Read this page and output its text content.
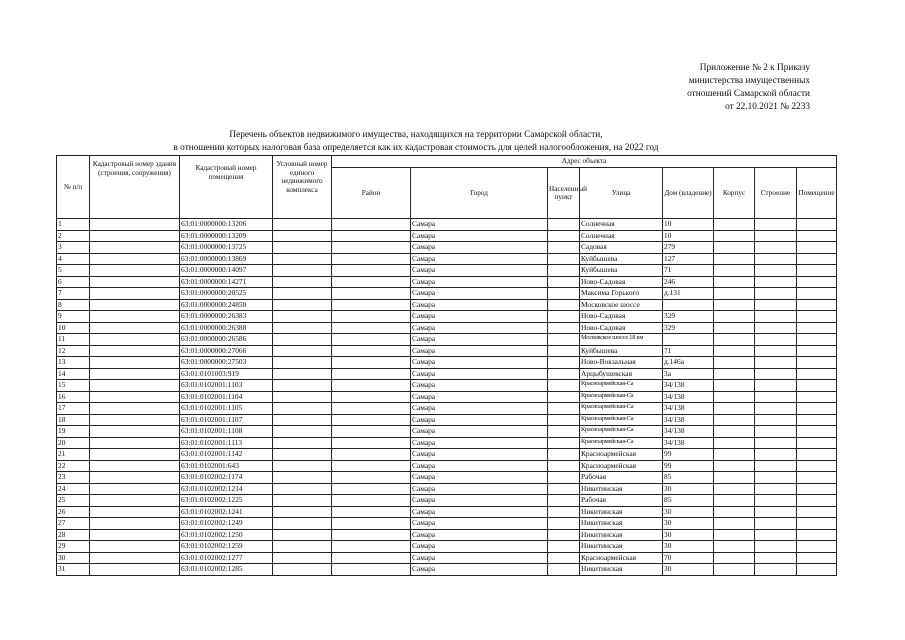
Приложение № 2 к Приказу
министерства имущественных
отношений Самарской области
от 22.10.2021 № 2233
Перечень объектов недвижимого имущества, находящихся на территории Самарской области,
в отношении которых налоговая база определяется как их кадастровая стоимость для целей налогообложения, на 2022 год
№ п/п	Кадастровый номер здания (строения, сооружения)	Кадастровый номер помещения	Условный номер единого недвижимого комплекса	Адрес объекта							
				Район	Город	Населенный пункт	Улица	Дом (владение)	Корпус	Строение	Помещение
1		63:01:0000000:13206			Самара		Солнечная	10			
2		63:01:0000000:13209			Самара		Солнечная	10			
3		63:01:0000000:13725			Самара		Садовая	279			
4		63:01:0000000:13869			Самара		Куйбышева	127			
5		63:01:0000000:14097			Самара		Куйбышева	71			
6		63:01:0000000:14271			Самара		Ново-Садовая	246			
7		63:01:0000000:20525			Самара		Максима Горького	д.131			
8		63:01:0000000:24850			Самара		Московское шоссе				
9		63:01:0000000:26383			Самара		Ново-Садовая	329			
10		63:01:0000000:26388			Самара		Ново-Садовая	329			
11		63:01:0000000:26586			Самара		Московское шоссе 18 км				
12		63:01:0000000:27066			Самара		Куйбышева	71			
13		63:01:0000000:27503			Самара		Ново-Вокзальная	д.146а			
14		63:01:0101003:919			Самара		Арцыбушевская	3а			
15		63:01:0102001:1103			Самара		Красноармейская-Са	34/138			
16		63:01:0102001:1104			Самара		Красноармейская-Са	34/138			
17		63:01:0102001:1105			Самара		Красноармейская-Са	34/138			
18		63:01:0102001:1107			Самара		Красноармейская-Са	34/138			
19		63:01:0102001:1108			Самара		Красноармейская-Са	34/138			
20		63:01:0102001:1113			Самара		Красноармейская-Са	34/138			
21		63:01:0102001:1142			Самара		Красноармейская	99			
22		63:01:0102001:643			Самара		Красноармейская	99			
23		63:01:0102002:1174			Самара		Рабочая	85			
24		63:01:0102002:1214			Самара		Никитинская	30			
25		63:01:0102002:1225			Самара		Рабочая	85			
26		63:01:0102002:1241			Самара		Никитинская	30			
27		63:01:0102002:1249			Самара		Никитинская	30			
28		63:01:0102002:1250			Самара		Никитинская	30			
29		63:01:0102002:1259			Самара		Никитинская	30			
30		63:01:0102002:1277			Самара		Красноармейская	70			
31		63:01:0102002:1285			Самара		Никитинская	30			
